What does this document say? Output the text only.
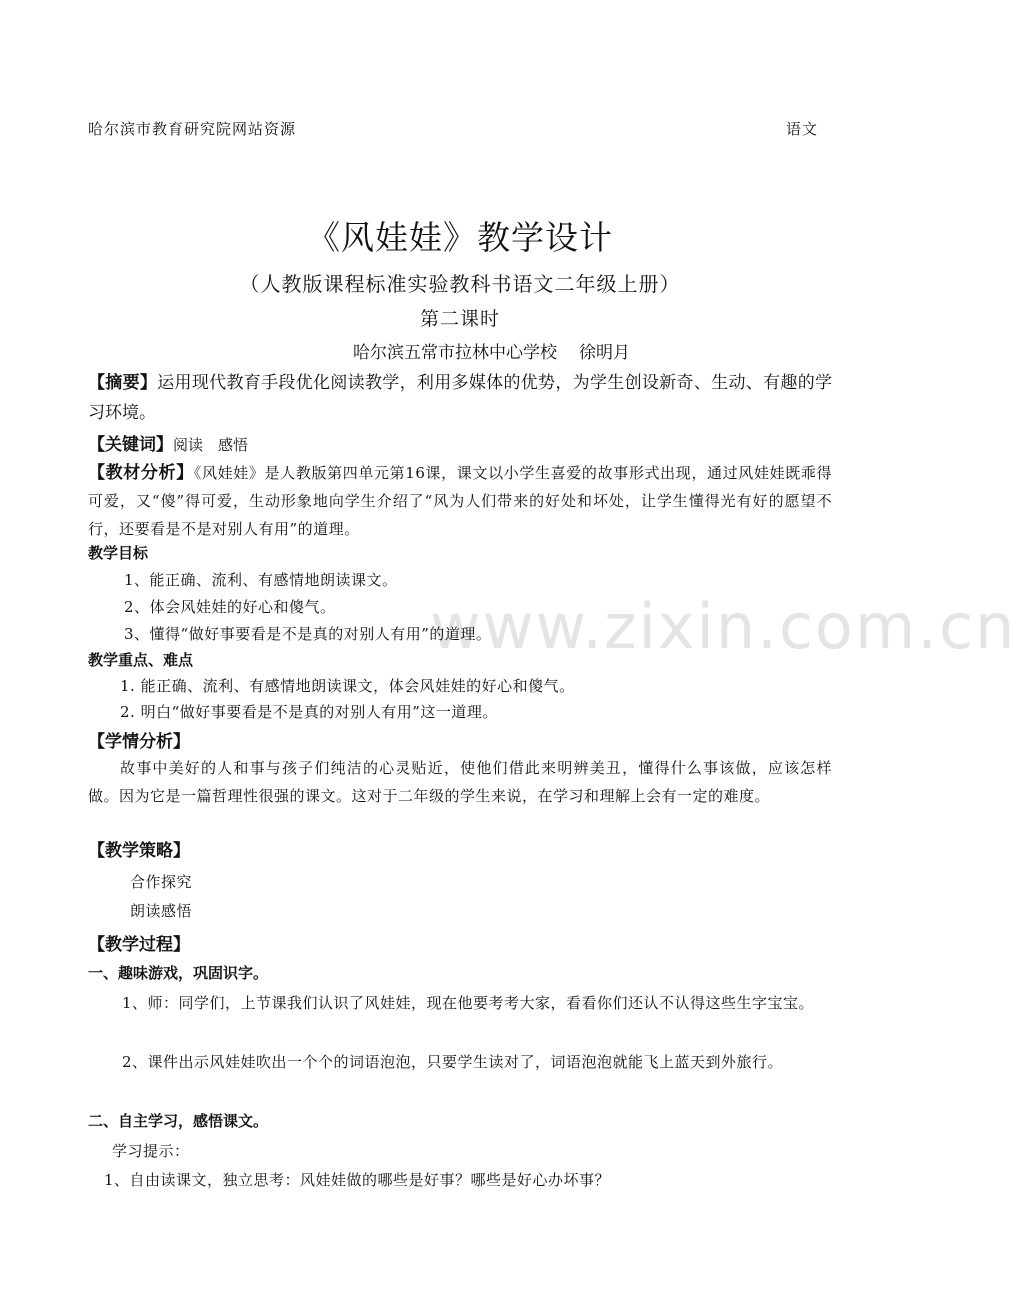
www.zixin.com.cn
哈尔滨市教育研究院网站资源	语文
《风娃娃》教学设计
（人教版课程标准实验教科书语文二年级上册）
第二课时
哈尔滨五常市拉林中心学校 徐明月
【摘要】运用现代教育手段优化阅读教学，利用多媒体的优势，为学生创设新奇、生动、有趣的学习环境。
【关键词】阅读　感悟
【教材分析】《风娃娃》是人教版第四单元第16课，课文以小学生喜爱的故事形式出现，通过风娃娃既乖得可爱，又“傻”得可爱，生动形象地向学生介绍了“风为人们带来的好处和坏处，让学生懂得光有好的愿望不行，还要看是不是对别人有用”的道理。
教学目标
1、能正确、流利、有感情地朗读课文。
2、体会风娃娃的好心和傻气。
3、懂得“做好事要看是不是真的对别人有用”的道理。
教学重点、难点
1. 能正确、流利、有感情地朗读课文，体会风娃娃的好心和傻气。
2. 明白“做好事要看是不是真的对别人有用”这一道理。
【学情分析】
故事中美好的人和事与孩子们纯洁的心灵贴近，使他们借此来明辨美丑，懂得什么事该做，应该怎样做。因为它是一篇哲理性很强的课文。这对于二年级的学生来说，在学习和理解上会有一定的难度。
【教学策略】
合作探究
朗读感悟
【教学过程】
一、趣味游戏，巩固识字。
1、师：同学们，上节课我们认识了风娃娃，现在他要考考大家，看看你们还认不认得这些生字宝宝。
2、课件出示风娃娃吹出一个个的词语泡泡，只要学生读对了，词语泡泡就能飞上蓝天到外旅行。
二、自主学习，感悟课文。
学习提示：
1、自由读课文，独立思考：风娃娃做的哪些是好事？哪些是好心办坏事？
